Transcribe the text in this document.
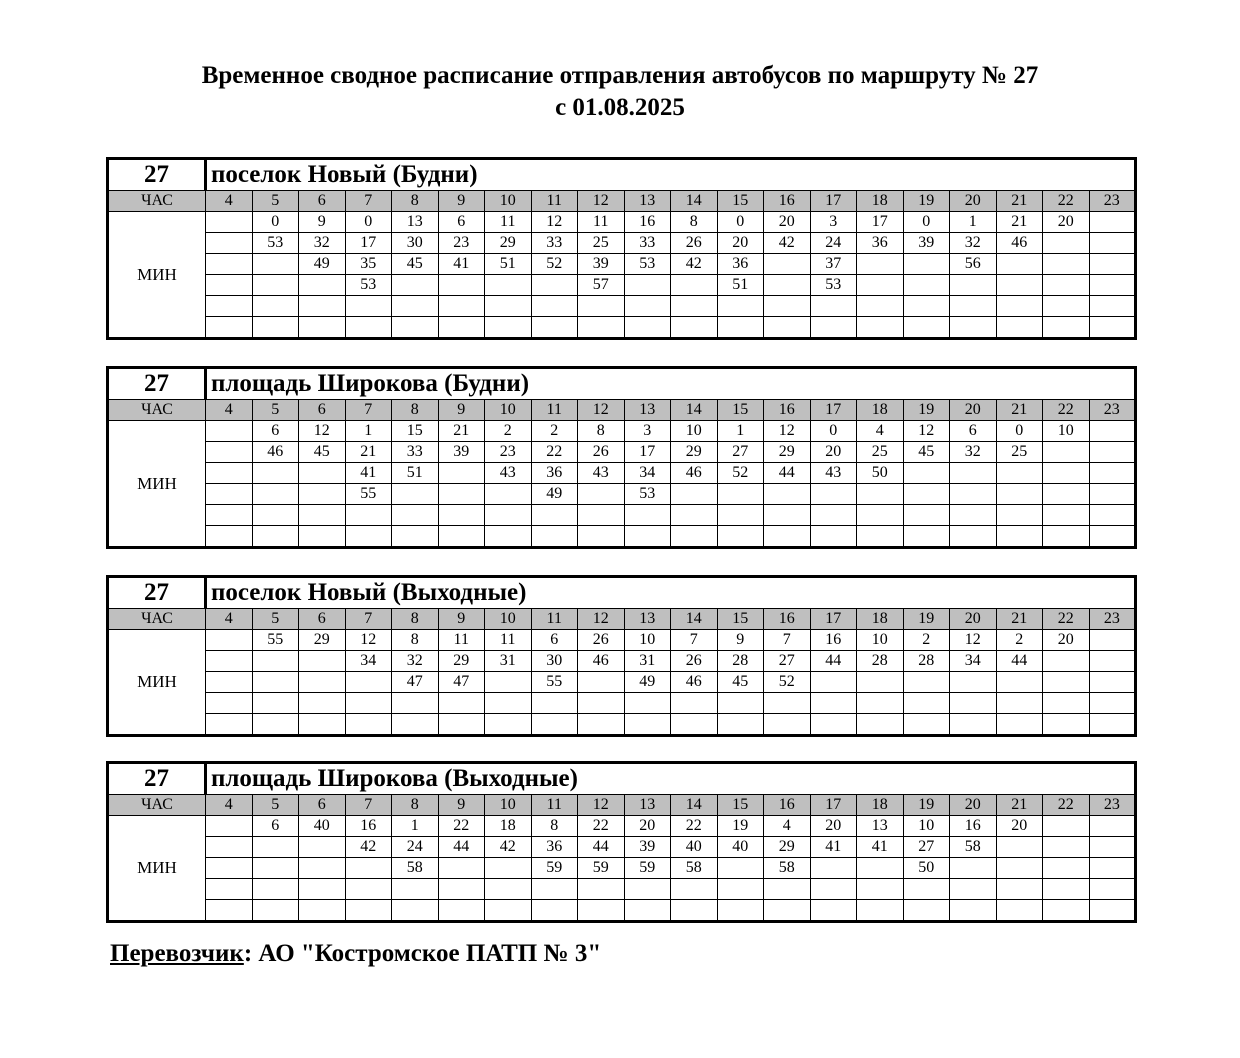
Временное сводное расписание отправления автобусов по маршруту № 27
с 01.08.2025
27	поселок Новый (Будни)																			
ЧАС	4	5	6	7	8	9	10	11	12	13	14	15	16	17	18	19	20	21	22	23
МИН		0	9	0	13	6	11	12	11	16	8	0	20	3	17	0	1	21	20	
		53	32	17	30	23	29	33	25	33	26	20	42	24	36	39	32	46		
			49	35	45	41	51	52	39	53	42	36		37			56			
				53					57			51		53						

27	площадь Широкова (Будни)																			
ЧАС	4	5	6	7	8	9	10	11	12	13	14	15	16	17	18	19	20	21	22	23
МИН		6	12	1	15	21	2	2	8	3	10	1	12	0	4	12	6	0	10	
		46	45	21	33	39	23	22	26	17	29	27	29	20	25	45	32	25		
				41	51		43	36	43	34	46	52	44	43	50					
				55				49		53										

27	поселок Новый (Выходные)																			
ЧАС	4	5	6	7	8	9	10	11	12	13	14	15	16	17	18	19	20	21	22	23
МИН		55	29	12	8	11	11	6	26	10	7	9	7	16	10	2	12	2	20	
				34	32	29	31	30	46	31	26	28	27	44	28	28	34	44		
					47	47		55		49	46	45	52							

27	площадь Широкова (Выходные)																			
ЧАС	4	5	6	7	8	9	10	11	12	13	14	15	16	17	18	19	20	21	22	23
МИН		6	40	16	1	22	18	8	22	20	22	19	4	20	13	10	16	20		
				42	24	44	42	36	44	39	40	40	29	41	41	27	58			
					58			59	59	59	58		58			50				

Перевозчик: АО "Костромское ПАТП № 3"
